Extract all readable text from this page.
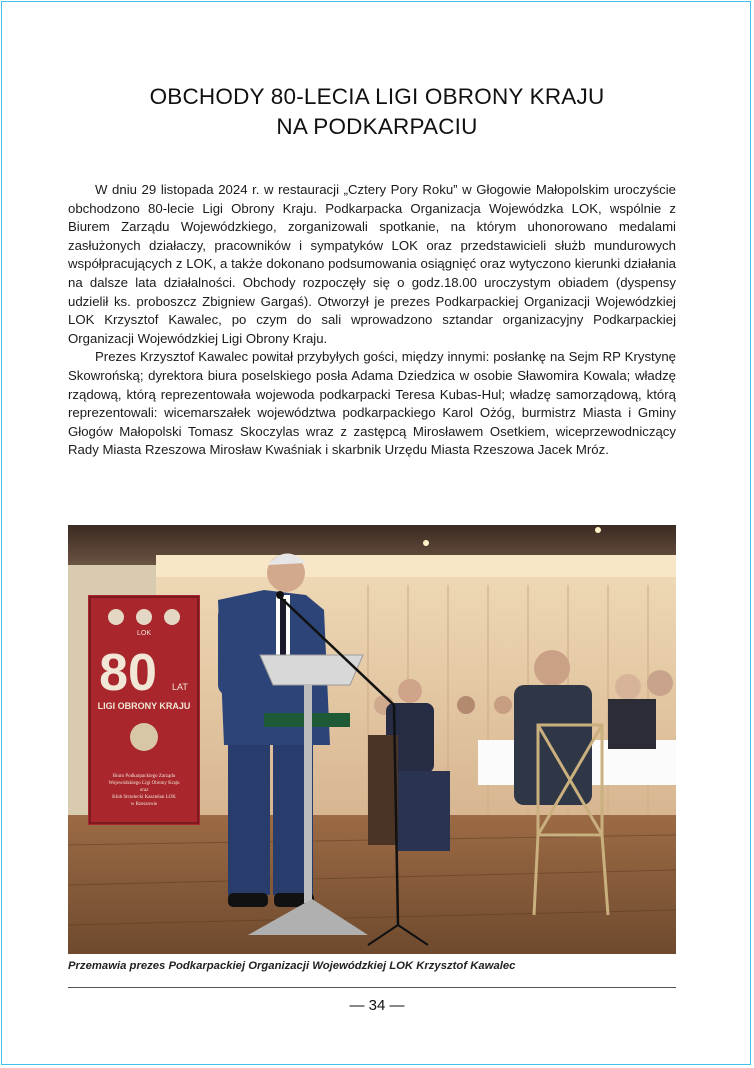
OBCHODY 80-LECIA LIGI OBRONY KRAJU
NA PODKARPACIU

W dniu 29 listopada 2024 r. w restauracji „Cztery Pory Roku” w Głogowie Małopolskim uroczyście obchodzono 80-lecie Ligi Obrony Kraju. Podkarpacka Organizacja Wojewódzka LOK, wspólnie z Biurem Zarządu Wojewódzkiego, zorganizowali spotkanie, na którym uhonorowano medalami zasłużonych działaczy, pracowników i sympatyków LOK oraz przedstawicieli służb mundurowych współpracujących z LOK, a także dokonano podsumowania osiągnięć oraz wytyczono kierunki działania na dalsze lata działalności. Obchody rozpoczęły się o godz.18.00 uroczystym obiadem (dyspensy udzielił ks. proboszcz Zbigniew Gargaś). Otworzył je prezes Podkarpackiej Organizacji Wojewódzkiej LOK Krzysztof Kawalec, po czym do sali wprowadzono sztandar organizacyjny Podkarpackiej Organizacji Wojewódzkiej Ligi Obrony Kraju.

Prezes Krzysztof Kawalec powitał przybyłych gości, między innymi: posłankę na Sejm RP Krystynę Skowrońską; dyrektora biura poselskiego posła Adama Dziedzica w osobie Sławomira Kowala; władzę rządową, którą reprezentowała wojewoda podkarpacki Teresa Kubas-Hul; władzę samorządową, którą reprezentowali: wicemarszałek województwa podkarpackiego Karol Ożóg, burmistrz Miasta i Gminy Głogów Małopolski Tomasz Skoczylas wraz z zastępcą Mirosławem Osetkiem, wiceprzewodniczący Rady Miasta Rzeszowa Mirosław Kwaśniak i skarbnik Urzędu Miasta Rzeszowa Jacek Mróz.

LOK
80 LAT
LIGI OBRONY KRAJU
Biuro Podkarpackiego Zarządu
Wojewódzkiego Ligi Obrony Kraju
oraz
Klub Strzelecki Kasztelan LOK
w Rzeszowie
Przemawia prezes Podkarpackiej Organizacji Wojewódzkiej LOK Krzysztof Kawalec
— 34 —
